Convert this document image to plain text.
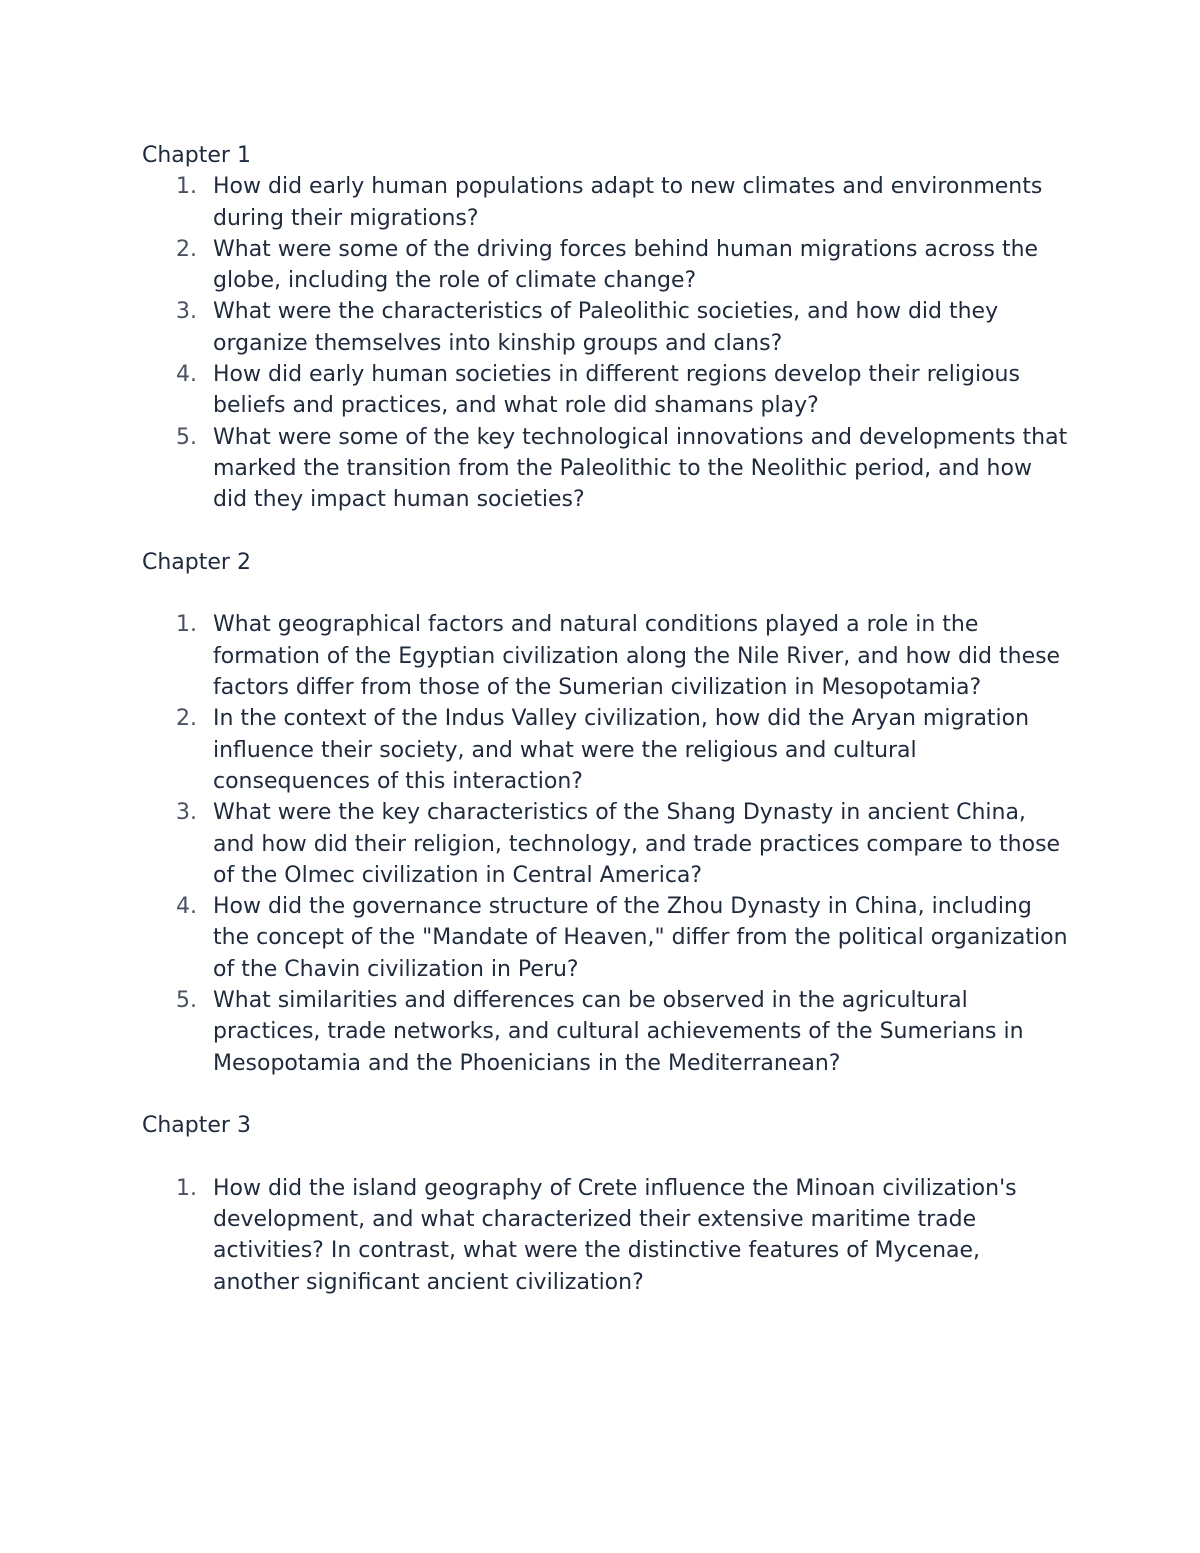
Chapter 1
1. How did early human populations adapt to new climates and environments during their migrations?
2. What were some of the driving forces behind human migrations across the globe, including the role of climate change?
3. What were the characteristics of Paleolithic societies, and how did they organize themselves into kinship groups and clans?
4. How did early human societies in different regions develop their religious beliefs and practices, and what role did shamans play?
5. What were some of the key technological innovations and developments that marked the transition from the Paleolithic to the Neolithic period, and how did they impact human societies?
Chapter 2
1. What geographical factors and natural conditions played a role in the formation of the Egyptian civilization along the Nile River, and how did these factors differ from those of the Sumerian civilization in Mesopotamia?
2. In the context of the Indus Valley civilization, how did the Aryan migration influence their society, and what were the religious and cultural consequences of this interaction?
3. What were the key characteristics of the Shang Dynasty in ancient China, and how did their religion, technology, and trade practices compare to those of the Olmec civilization in Central America?
4. How did the governance structure of the Zhou Dynasty in China, including the concept of the "Mandate of Heaven," differ from the political organization of the Chavin civilization in Peru?
5. What similarities and differences can be observed in the agricultural practices, trade networks, and cultural achievements of the Sumerians in Mesopotamia and the Phoenicians in the Mediterranean?
Chapter 3
1. How did the island geography of Crete influence the Minoan civilization's development, and what characterized their extensive maritime trade activities? In contrast, what were the distinctive features of Mycenae, another significant ancient civilization?
